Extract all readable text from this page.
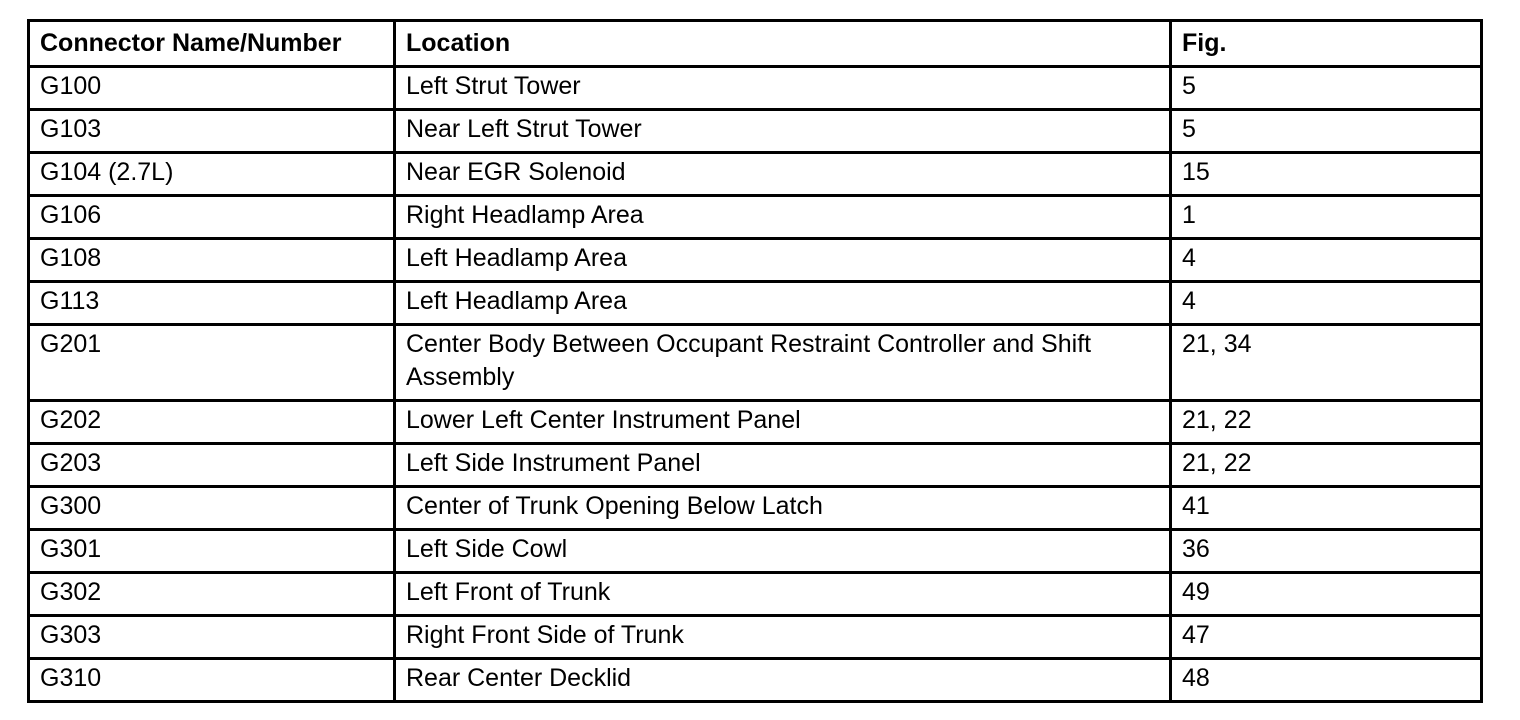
Connector Name/Number	Location	Fig.
G100	Left Strut Tower	5
G103	Near Left Strut Tower	5
G104 (2.7L)	Near EGR Solenoid	15
G106	Right Headlamp Area	1
G108	Left Headlamp Area	4
G113	Left Headlamp Area	4
G201	Center Body Between Occupant Restraint Controller and Shift Assembly	21, 34
G202	Lower Left Center Instrument Panel	21, 22
G203	Left Side Instrument Panel	21, 22
G300	Center of Trunk Opening Below Latch	41
G301	Left Side Cowl	36
G302	Left Front of Trunk	49
G303	Right Front Side of Trunk	47
G310	Rear Center Decklid	48
